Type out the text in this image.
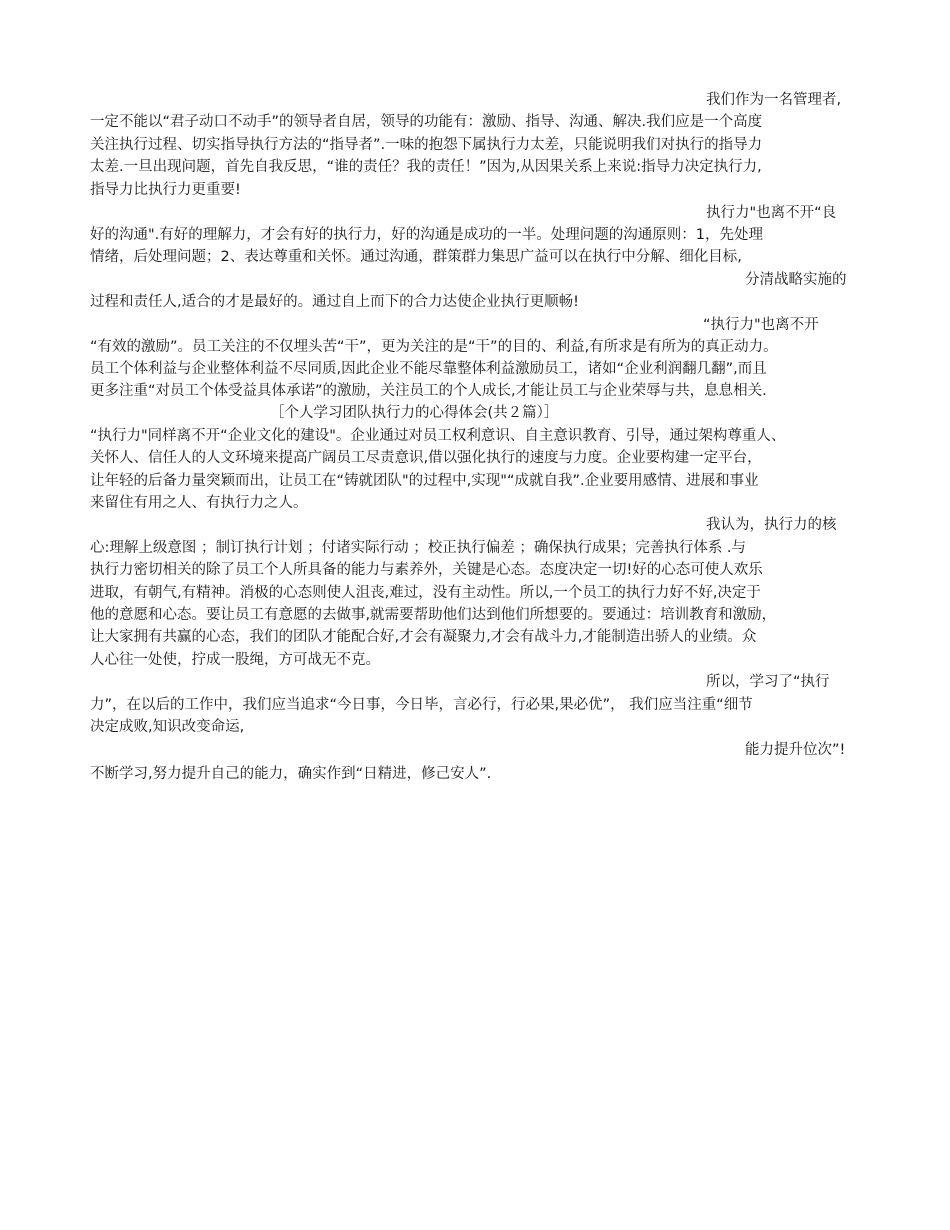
我们作为一名管理者,
一定不能以“君子动口不动手”的领导者自居，领导的功能有：激励、指导、沟通、解决.我们应是一个高度
关注执行过程、切实指导执行方法的“指导者”.一味的抱怨下属执行力太差，只能说明我们对执行的指导力
太差.一旦出现问题，首先自我反思，“谁的责任？我的责任！”因为,从因果关系上来说:指导力决定执行力,
指导力比执行力更重要!
执行力"也离不开“良
好的沟通".有好的理解力，才会有好的执行力，好的沟通是成功的一半。处理问题的沟通原则：1，先处理
情绪，后处理问题；2、表达尊重和关怀。通过沟通，群策群力集思广益可以在执行中分解、细化目标,
分清战略实施的
过程和责任人,适合的才是最好的。通过自上而下的合力达使企业执行更顺畅!
“执行力"也离不开
“有效的激励”。员工关注的不仅埋头苦“干”，更为关注的是“干”的目的、利益,有所求是有所为的真正动力。
员工个体利益与企业整体利益不尽同质,因此企业不能尽靠整体利益激励员工，诸如“企业利润翻几翻”,而且
更多注重“对员工个体受益具体承诺”的激励，关注员工的个人成长,才能让员工与企业荣辱与共，息息相关.
［个人学习团队执行力的心得体会(共２篇）］
“执行力"同样离不开“企业文化的建设"。企业通过对员工权利意识、自主意识教育、引导，通过架构尊重人、
关怀人、信任人的人文环境来提高广阔员工尽责意识,借以强化执行的速度与力度。企业要构建一定平台，
让年轻的后备力量突颖而出，让员工在“铸就团队"的过程中,实现"“成就自我”.企业要用感情、进展和事业
来留住有用之人、有执行力之人。
我认为，执行力的核
心:理解上级意图 ；制订执行计划 ；付诸实际行动 ；校正执行偏差 ；确保执行成果；完善执行体系 .与
执行力密切相关的除了员工个人所具备的能力与素养外，关键是心态。态度决定一切!好的心态可使人欢乐
进取，有朝气,有精神。消极的心态则使人沮丧,难过，没有主动性。所以,一个员工的执行力好不好,决定于
他的意愿和心态。要让员工有意愿的去做事,就需要帮助他们达到他们所想要的。要通过：培训教育和激励，
让大家拥有共赢的心态，我们的团队才能配合好,才会有凝聚力,才会有战斗力,才能制造出骄人的业绩。众
人心往一处使，拧成一股绳，方可战无不克。
所以，学习了“执行
力”，在以后的工作中，我们应当追求“今日事，今日毕，言必行，行必果,果必优”， 我们应当注重“细节
决定成败,知识改变命运,
能力提升位次”!
不断学习,努力提升自己的能力，确实作到“日精进，修己安人”.
